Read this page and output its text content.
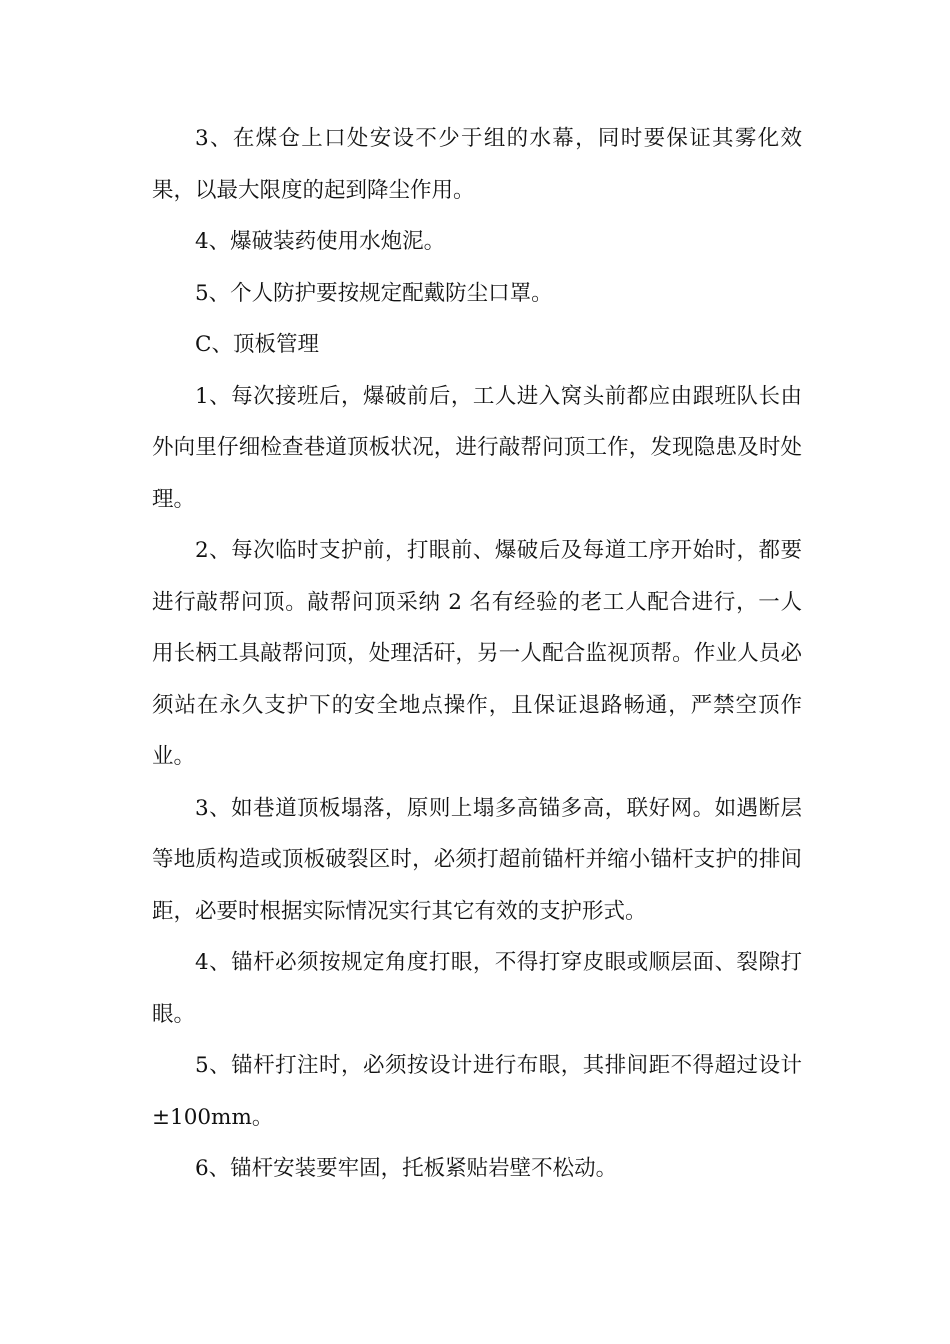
3、在煤仓上口处安设不少于组的水幕，同时要保证其雾化效果，以最大限度的起到降尘作用。

4、爆破装药使用水炮泥。

5、个人防护要按规定配戴防尘口罩。

C、顶板管理

1、每次接班后，爆破前后，工人进入窝头前都应由跟班队长由外向里仔细检查巷道顶板状况，进行敲帮问顶工作，发现隐患及时处理。

2、每次临时支护前，打眼前、爆破后及每道工序开始时，都要进行敲帮问顶。敲帮问顶采纳 2 名有经验的老工人配合进行，一人用长柄工具敲帮问顶，处理活矸，另一人配合监视顶帮。作业人员必须站在永久支护下的安全地点操作，且保证退路畅通，严禁空顶作业。

3、如巷道顶板塌落，原则上塌多高锚多高，联好网。如遇断层等地质构造或顶板破裂区时，必须打超前锚杆并缩小锚杆支护的排间距，必要时根据实际情况实行其它有效的支护形式。

4、锚杆必须按规定角度打眼，不得打穿皮眼或顺层面、裂隙打眼。

5、锚杆打注时，必须按设计进行布眼，其排间距不得超过设计±100mm。

6、锚杆安装要牢固，托板紧贴岩壁不松动。
